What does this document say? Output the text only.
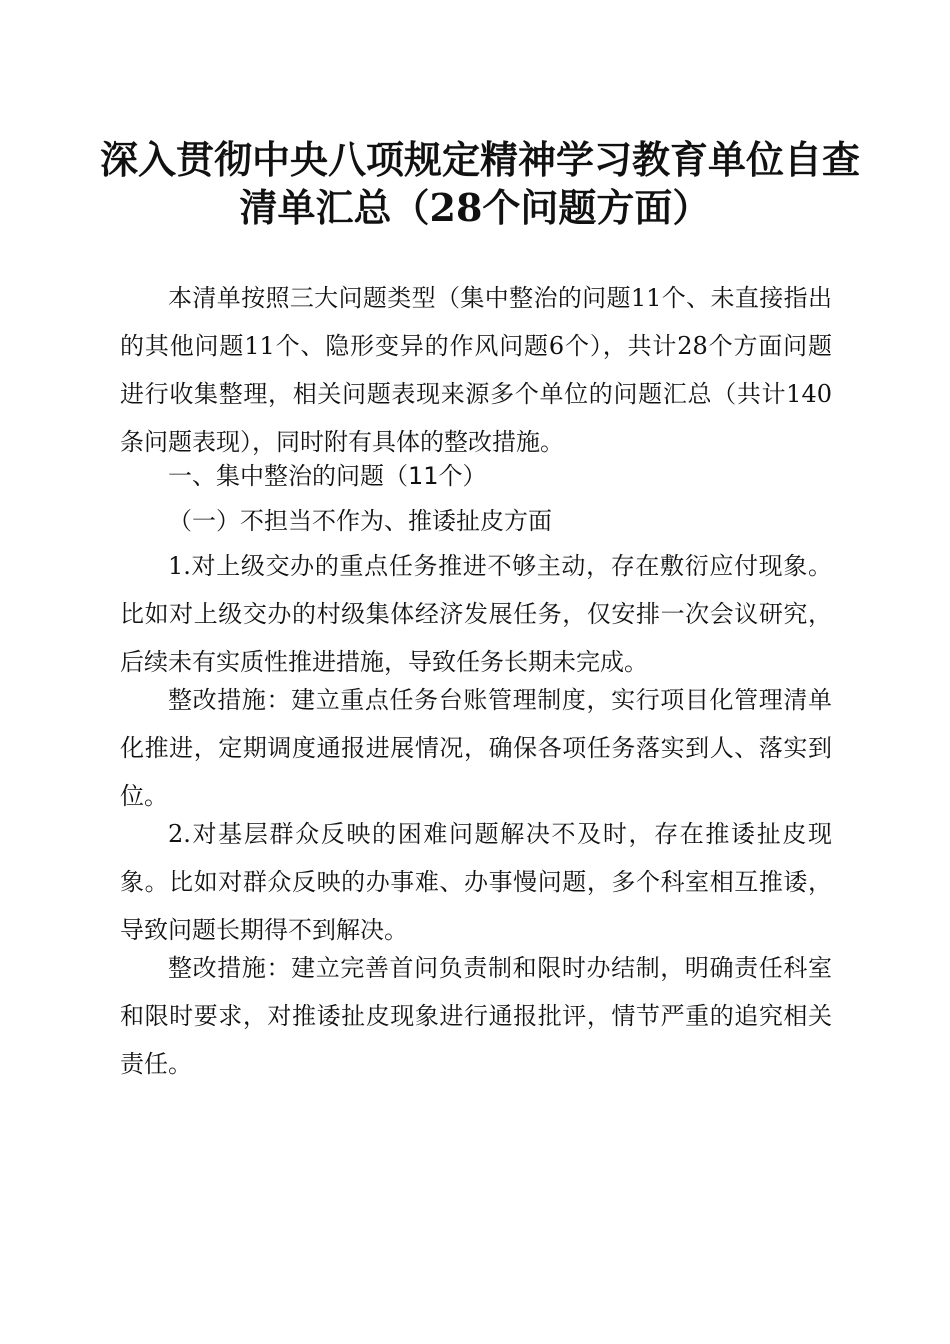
深入贯彻中央八项规定精神学习教育单位自查
清单汇总（28个问题方面）

本清单按照三大问题类型（集中整治的问题11个、未直接指出的其他问题11个、隐形变异的作风问题6个），共计28个方面问题进行收集整理，相关问题表现来源多个单位的问题汇总（共计140条问题表现），同时附有具体的整改措施。

一、集中整治的问题（11个）

（一）不担当不作为、推诿扯皮方面

1.对上级交办的重点任务推进不够主动，存在敷衍应付现象。比如对上级交办的村级集体经济发展任务，仅安排一次会议研究，后续未有实质性推进措施，导致任务长期未完成。

整改措施：建立重点任务台账管理制度，实行项目化管理清单化推进，定期调度通报进展情况，确保各项任务落实到人、落实到位。

2.对基层群众反映的困难问题解决不及时，存在推诿扯皮现象。比如对群众反映的办事难、办事慢问题，多个科室相互推诿，导致问题长期得不到解决。

整改措施：建立完善首问负责制和限时办结制，明确责任科室和限时要求，对推诿扯皮现象进行通报批评，情节严重的追究相关责任。
